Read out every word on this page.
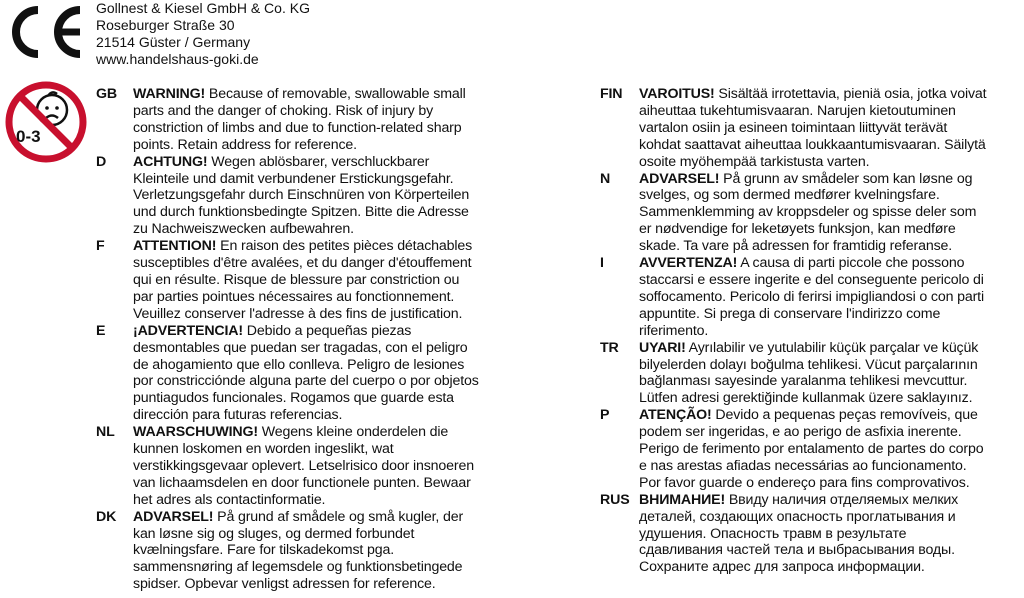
Gollnest & Kiesel GmbH & Co. KG
Roseburger Straße 30
21514 Güster / Germany
www.handelshaus-goki.de
0-3
GB	WARNING! Because of removable, swallowable small
parts and the danger of choking. Risk of injury by
constriction of limbs and due to function-related sharp
points. Retain address for reference.
D	ACHTUNG! Wegen ablösbarer, verschluckbarer
Kleinteile und damit verbundener Erstickungsgefahr.
Verletzungsgefahr durch Einschnüren von Körperteilen
und durch funktionsbedingte Spitzen. Bitte die Adresse
zu Nachweiszwecken aufbewahren.
F	ATTENTION! En raison des petites pièces détachables
susceptibles d'être avalées, et du danger d'étouffement
qui en résulte. Risque de blessure par constriction ou
par parties pointues nécessaires au fonctionnement.
Veuillez conserver l'adresse à des fins de justification.
E	¡ADVERTENCIA! Debido a pequeñas piezas
desmontables que puedan ser tragadas, con el peligro
de ahogamiento que ello conlleva. Peligro de lesiones
por constricciónde alguna parte del cuerpo o por objetos
puntiagudos funcionales. Rogamos que guarde esta
dirección para futuras referencias.
NL	WAARSCHUWING! Wegens kleine onderdelen die
kunnen loskomen en worden ingeslikt, wat
verstikkingsgevaar oplevert. Letselrisico door insnoeren
van lichaamsdelen en door functionele punten. Bewaar
het adres als contactinformatie.
DK	ADVARSEL! På grund af smådele og små kugler, der
kan løsne sig og sluges, og dermed forbundet
kvælningsfare. Fare for tilskadekomst pga.
sammensnøring af legemsdele og funktionsbetingede
spidser. Opbevar venligst adressen for reference.
FIN	VAROITUS! Sisältää irrotettavia, pieniä osia, jotka voivat
aiheuttaa tukehtumisvaaran. Narujen kietoutuminen
vartalon osiin ja esineen toimintaan liittyvät terävät
kohdat saattavat aiheuttaa loukkaantumisvaaran. Säilytä
osoite myöhempää tarkistusta varten.
N	ADVARSEL! På grunn av smådeler som kan løsne og
svelges, og som dermed medfører kvelningsfare.
Sammenklemming av kroppsdeler og spisse deler som
er nødvendige for leketøyets funksjon, kan medføre
skade. Ta vare på adressen for framtidig referanse.
I	AVVERTENZA! A causa di parti piccole che possono
staccarsi e essere ingerite e del conseguente pericolo di
soffocamento. Pericolo di ferirsi impigliandosi o con parti
appuntite. Si prega di conservare l'indirizzo come
riferimento.
TR	UYARI! Ayrılabilir ve yutulabilir küçük parçalar ve küçük
bilyelerden dolayı boğulma tehlikesi. Vücut parçalarının
bağlanması sayesinde yaralanma tehlikesi mevcuttur.
Lütfen adresi gerektiğinde kullanmak üzere saklayınız.
P	ATENÇÃO! Devido a pequenas peças removíveis, que
podem ser ingeridas, e ao perigo de asfixia inerente.
Perigo de ferimento por entalamento de partes do corpo
e nas arestas afiadas necessárias ao funcionamento.
Por favor guarde o endereço para fins comprovativos.
RUS ВНИМАНИЕ! Ввиду наличия отделяемых мелких
деталей, создающих опасность проглатывания и
удушения. Опасность травм в результате
сдавливания частей тела и выбрасывания воды.
Сохраните адрес для запроса информации.
